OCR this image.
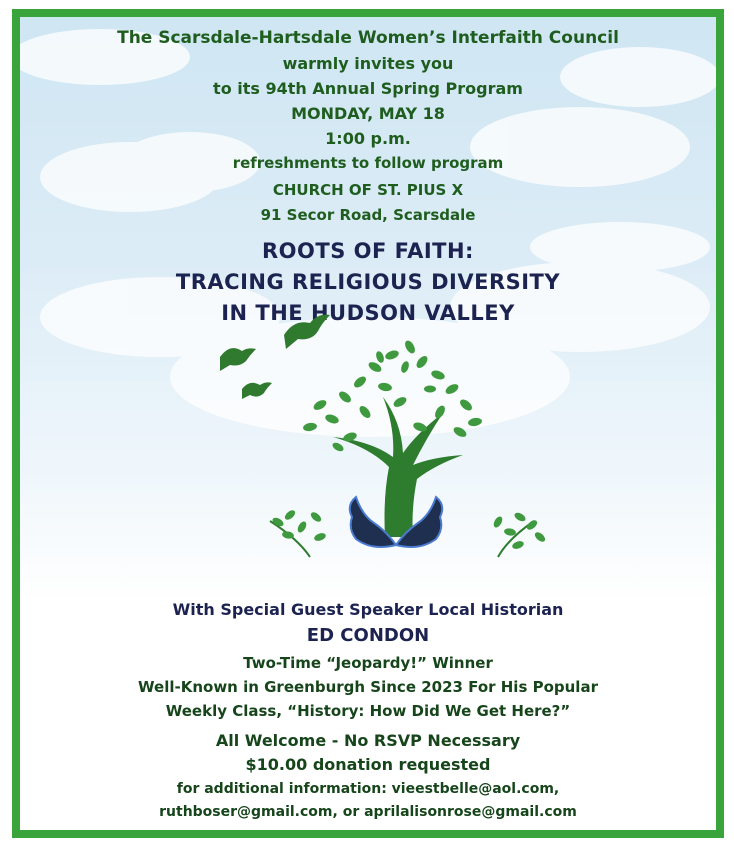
The Scarsdale-Hartsdale Women’s Interfaith Council
warmly invites you
to its 94th Annual Spring Program
MONDAY, MAY 18
1:00 p.m.
refreshments to follow program
CHURCH OF ST. PIUS X
91 Secor Road, Scarsdale
ROOTS OF FAITH:
TRACING RELIGIOUS DIVERSITY
IN THE HUDSON VALLEY
With Special Guest Speaker Local Historian
ED CONDON
Two-Time “Jeopardy!” Winner
Well-Known in Greenburgh Since 2023 For His Popular
Weekly Class, “History: How Did We Get Here?”
All Welcome - No RSVP Necessary
$10.00 donation requested
for additional information: vieestbelle@aol.com,
ruthboser@gmail.com, or aprilalisonrose@gmail.com
